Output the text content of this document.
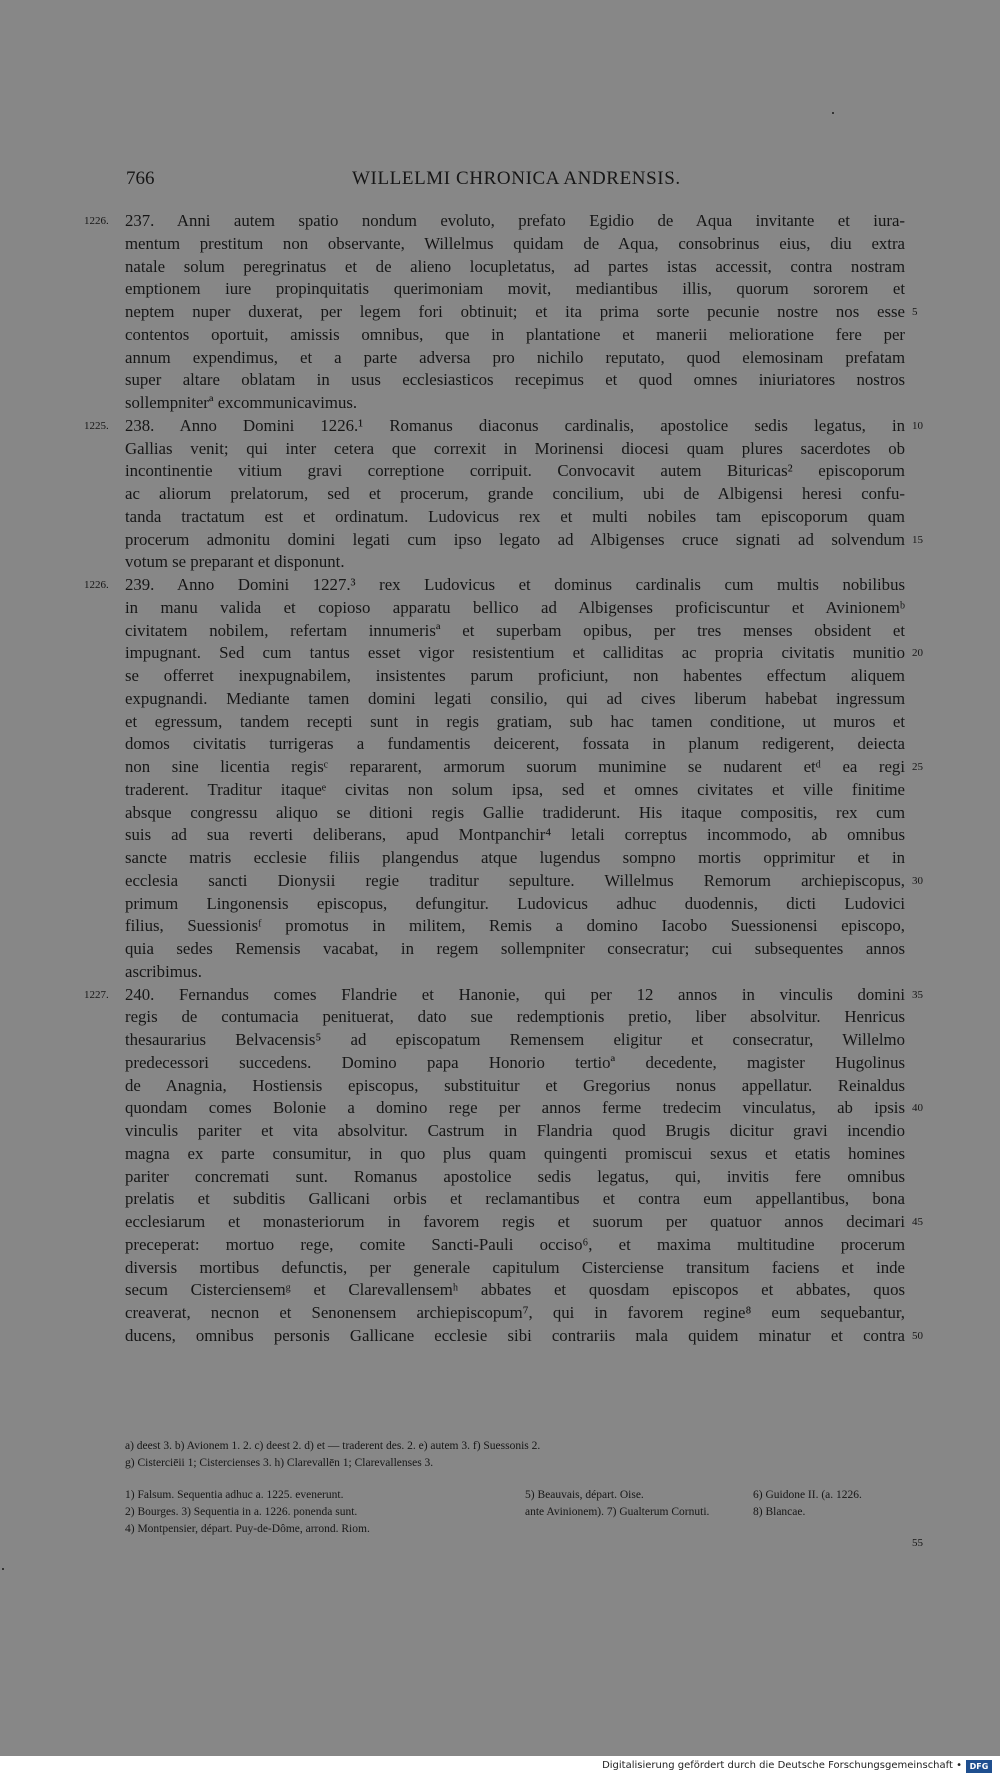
766	WILLELMI CHRONICA ANDRENSIS.
237. Anni autem spatio nondum evoluto, prefato Egidio de Aqua invitante et iura-
mentum prestitum non observante, Willelmus quidam de Aqua, consobrinus eius, diu extra
natale solum peregrinatus et de alieno locupletatus, ad partes istas accessit, contra nostram
emptionem iure propinquitatis querimoniam movit, mediantibus illis, quorum sororem et
neptem nuper duxerat, per legem fori obtinuit; et ita prima sorte pecunie nostre nos esse
contentos oportuit, amissis omnibus, que in plantatione et manerii melioratione fere per
annum expendimus, et a parte adversa pro nichilo reputato, quod elemosinam prefatam
super altare oblatam in usus ecclesiasticos recepimus et quod omnes iniuriatores nostros
sollempniterª excommunicavimus.
238. Anno Domini 1226.¹ Romanus diaconus cardinalis, apostolice sedis legatus, in
Gallias venit; qui inter cetera que correxit in Morinensi diocesi quam plures sacerdotes ob
incontinentie vitium gravi correptione corripuit. Convocavit autem Bituricas² episcoporum
ac aliorum prelatorum, sed et procerum, grande concilium, ubi de Albigensi heresi confu-
tanda tractatum est et ordinatum. Ludovicus rex et multi nobiles tam episcoporum quam
procerum admonitu domini legati cum ipso legato ad Albigenses cruce signati ad solvendum
votum se preparant et disponunt.
239. Anno Domini 1227.³ rex Ludovicus et dominus cardinalis cum multis nobilibus
in manu valida et copioso apparatu bellico ad Albigenses proficiscuntur et Avinionemᵇ
civitatem nobilem, refertam innumerisª et superbam opibus, per tres menses obsident et
impugnant. Sed cum tantus esset vigor resistentium et calliditas ac propria civitatis munitio
se offerret inexpugnabilem, insistentes parum proficiunt, non habentes effectum aliquem
expugnandi. Mediante tamen domini legati consilio, qui ad cives liberum habebat ingressum
et egressum, tandem recepti sunt in regis gratiam, sub hac tamen conditione, ut muros et
domos civitatis turrigeras a fundamentis deicerent, fossata in planum redigerent, deiecta
non sine licentia regisᶜ repararent, armorum suorum munimine se nudarent etᵈ ea regi
traderent. Traditur itaqueᵉ civitas non solum ipsa, sed et omnes civitates et ville finitime
absque congressu aliquo se ditioni regis Gallie tradiderunt. His itaque compositis, rex cum
suis ad sua reverti deliberans, apud Montpanchir⁴ letali correptus incommodo, ab omnibus
sancte matris ecclesie filiis plangendus atque lugendus sompno mortis opprimitur et in
ecclesia sancti Dionysii regie traditur sepulture. Willelmus Remorum archiepiscopus,
primum Lingonensis episcopus, defungitur. Ludovicus adhuc duodennis, dicti Ludovici
filius, Suessionisᶠ promotus in militem, Remis a domino Iacobo Suessionensi episcopo,
quia sedes Remensis vacabat, in regem sollempniter consecratur; cui subsequentes annos
ascribimus.
240. Fernandus comes Flandrie et Hanonie, qui per 12 annos in vinculis domini
regis de contumacia penituerat, dato sue redemptionis pretio, liber absolvitur. Henricus
thesaurarius Belvacensis⁵ ad episcopatum Remensem eligitur et consecratur, Willelmo
predecessori succedens. Domino papa Honorio tertioª decedente, magister Hugolinus
de Anagnia, Hostiensis episcopus, substituitur et Gregorius nonus appellatur. Reinaldus
quondam comes Bolonie a domino rege per annos ferme tredecim vinculatus, ab ipsis
vinculis pariter et vita absolvitur. Castrum in Flandria quod Brugis dicitur gravi incendio
magna ex parte consumitur, in quo plus quam quingenti promiscui sexus et etatis homines
pariter concremati sunt. Romanus apostolice sedis legatus, qui, invitis fere omnibus
prelatis et subditis Gallicani orbis et reclamantibus et contra eum appellantibus, bona
ecclesiarum et monasteriorum in favorem regis et suorum per quatuor annos decimari
preceperat: mortuo rege, comite Sancti-Pauli occiso⁶, et maxima multitudine procerum
diversis mortibus defunctis, per generale capitulum Cisterciense transitum faciens et inde
secum Cisterciensemᵍ et Clarevallensemʰ abbates et quosdam episcopos et abbates, quos
creaverat, necnon et Senonensem archiepiscopum⁷, qui in favorem regine⁸ eum sequebantur,
ducens, omnibus personis Gallicane ecclesie sibi contrariis mala quidem minatur et contra
1226.
1225.
1226.
1227.
5
10
15
20
25
30
35
40
45
50
a) deest 3. b) Avionem 1. 2. c) deest 2. d) et — traderent des. 2. e) autem 3. f) Suessonis 2.
g) Cisterciēii 1; Cistercienses 3. h) Clarevallēn 1; Clarevallenses 3.
1) Falsum. Sequentia adhuc a. 1225. evenerunt.	5) Beauvais, départ. Oise.	6) Guidone II. (a. 1226.
2) Bourges. 3) Sequentia in a. 1226. ponenda sunt.	ante Avinionem). 7) Gualterum Cornuti.	8) Blancae.
4) Montpensier, départ. Puy-de-Dôme, arrond. Riom.
55
Digitalisierung gefördert durch die Deutsche Forschungsgemeinschaft • DFG
